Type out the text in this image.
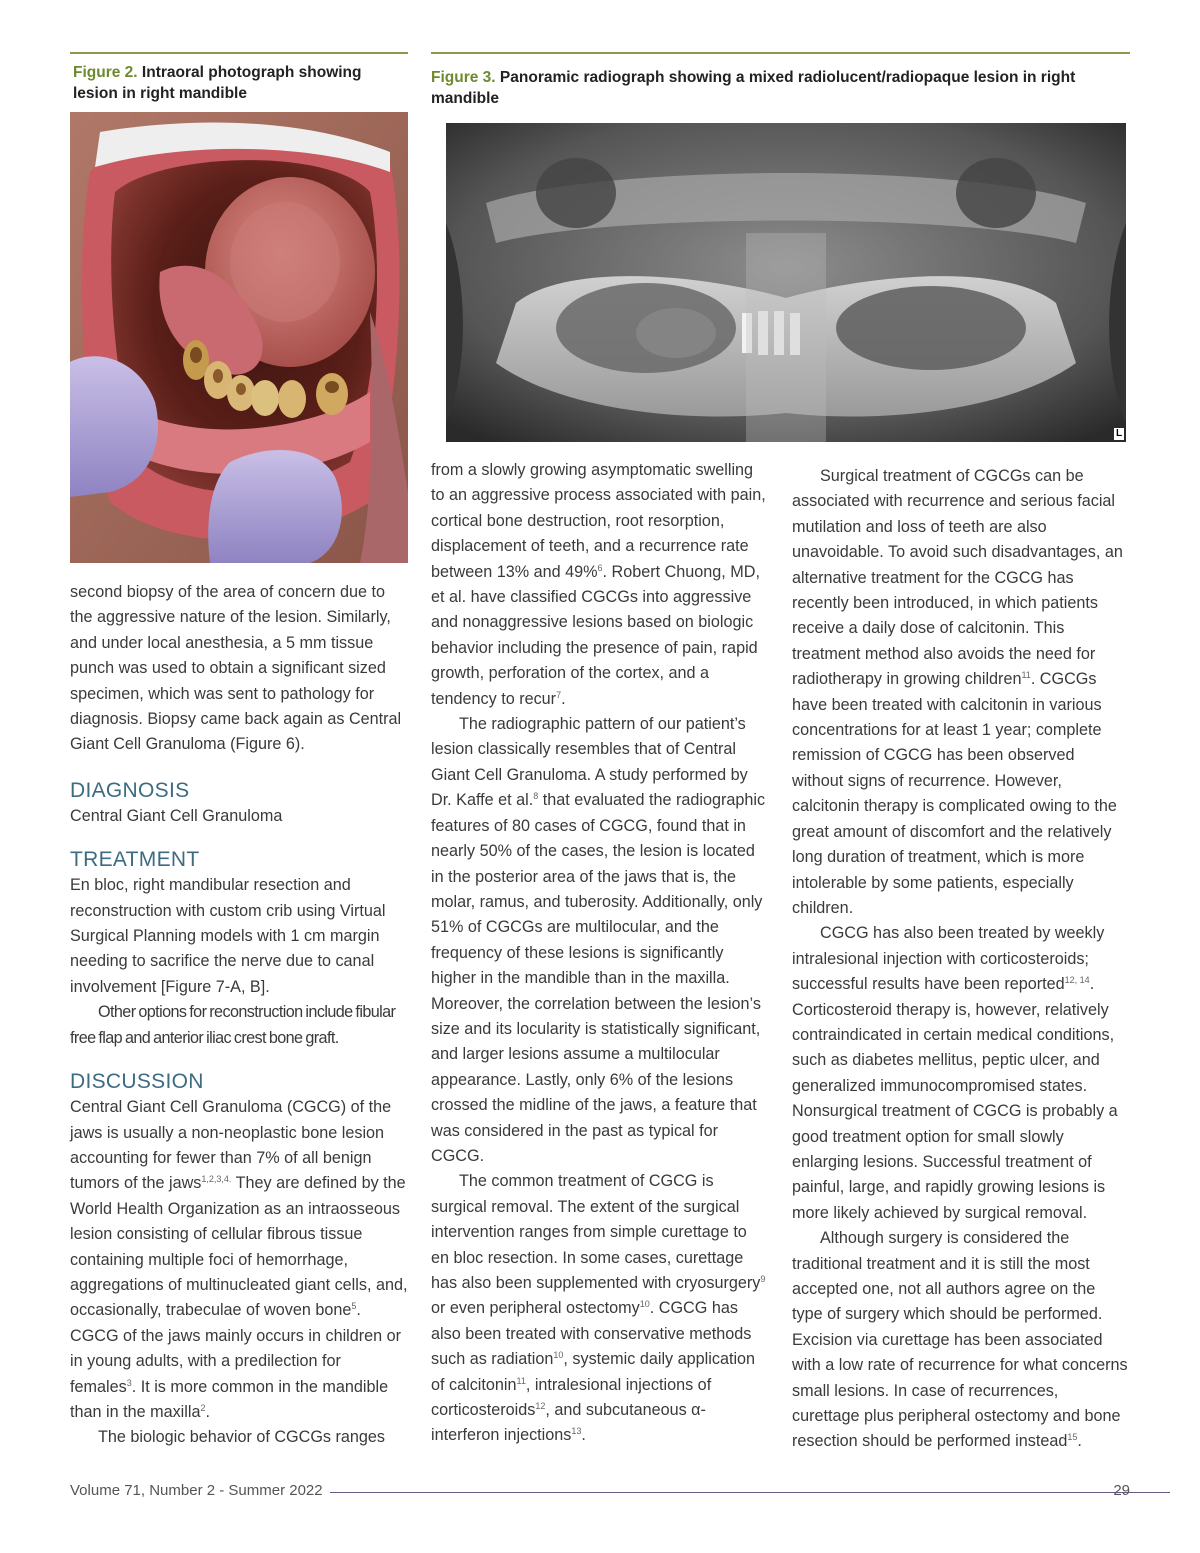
Figure 2. Intraoral photograph showing lesion in right mandible
Figure 3. Panoramic radiograph showing a mixed radiolucent/radiopaque lesion in right mandible
L

second biopsy of the area of concern due to the aggressive nature of the lesion. Similarly, and under local anesthesia, a 5 mm tissue punch was used to obtain a significant sized specimen, which was sent to pathology for diagnosis. Biopsy came back again as Central Giant Cell Granuloma (Figure 6).

DIAGNOSIS

Central Giant Cell Granuloma

TREATMENT

En bloc, right mandibular resection and reconstruction with custom crib using Virtual Surgical Planning models with 1 cm margin needing to sacrifice the nerve due to canal involvement [Figure 7-A, B].

Other options for reconstruction include fibular free flap and anterior iliac crest bone graft.

DISCUSSION

Central Giant Cell Granuloma (CGCG) of the jaws is usually a non-neoplastic bone lesion accounting for fewer than 7% of all benign tumors of the jaws$^{1,2,3,4.}$ They are defined by the World Health Organization as an intraosseous lesion consisting of cellular fibrous tissue containing multiple foci of hemorrhage, aggregations of multinucleated giant cells, and, occasionally, trabeculae of woven bone$^5$. CGCG of the jaws mainly occurs in children or in young adults, with a predilection for females$^3$. It is more common in the mandible than in the maxilla$^2$.

The biologic behavior of CGCGs ranges

from a slowly growing asymptomatic swelling to an aggressive process associated with pain, cortical bone destruction, root resorption, displacement of teeth, and a recurrence rate between 13% and 49%$^6$. Robert Chuong, MD, et al. have classified CGCGs into aggressive and nonaggressive lesions based on biologic behavior including the presence of pain, rapid growth, perforation of the cortex, and a tendency to recur$^7$.

The radiographic pattern of our patient’s lesion classically resembles that of Central Giant Cell Granuloma. A study performed by Dr. Kaffe et al.$^8$ that evaluated the radiographic features of 80 cases of CGCG, found that in nearly 50% of the cases, the lesion is located in the posterior area of the jaws that is, the molar, ramus, and tuberosity. Additionally, only 51% of CGCGs are multilocular, and the frequency of these lesions is significantly higher in the mandible than in the maxilla. Moreover, the correlation between the lesion’s size and its locularity is statistically significant, and larger lesions assume a multilocular appearance. Lastly, only 6% of the lesions crossed the midline of the jaws, a feature that was considered in the past as typical for CGCG.

The common treatment of CGCG is surgical removal. The extent of the surgical intervention ranges from simple curettage to en bloc resection. In some cases, curettage has also been supplemented with cryosurgery$^9$ or even peripheral ostectomy$^{10}$. CGCG has also been treated with conservative methods such as radiation$^{10}$, systemic daily application of calcitonin$^{11}$, intralesional injections of corticosteroids$^{12}$, and subcutaneous α-interferon injections$^{13}$.

Surgical treatment of CGCGs can be associated with recurrence and serious facial mutilation and loss of teeth are also unavoidable. To avoid such disadvantages, an alternative treatment for the CGCG has recently been introduced, in which patients receive a daily dose of calcitonin. This treatment method also avoids the need for radiotherapy in growing children$^{11}$. CGCGs have been treated with calcitonin in various concentrations for at least 1 year; complete remission of CGCG has been observed without signs of recurrence. However, calcitonin therapy is complicated owing to the great amount of discomfort and the relatively long duration of treatment, which is more intolerable by some patients, especially children.

CGCG has also been treated by weekly intralesional injection with corticosteroids; successful results have been reported$^{12, 14}$. Corticosteroid therapy is, however, relatively contraindicated in certain medical conditions, such as diabetes mellitus, peptic ulcer, and generalized immunocompromised states. Nonsurgical treatment of CGCG is probably a good treatment option for small slowly enlarging lesions. Successful treatment of painful, large, and rapidly growing lesions is more likely achieved by surgical removal.

Although surgery is considered the traditional treatment and it is still the most accepted one, not all authors agree on the type of surgery which should be performed. Excision via curettage has been associated with a low rate of recurrence for what concerns small lesions. In case of recurrences, curettage plus peripheral ostectomy and bone resection should be performed instead$^{15}$.

Volume 71, Number 2 - Summer 2022	29
